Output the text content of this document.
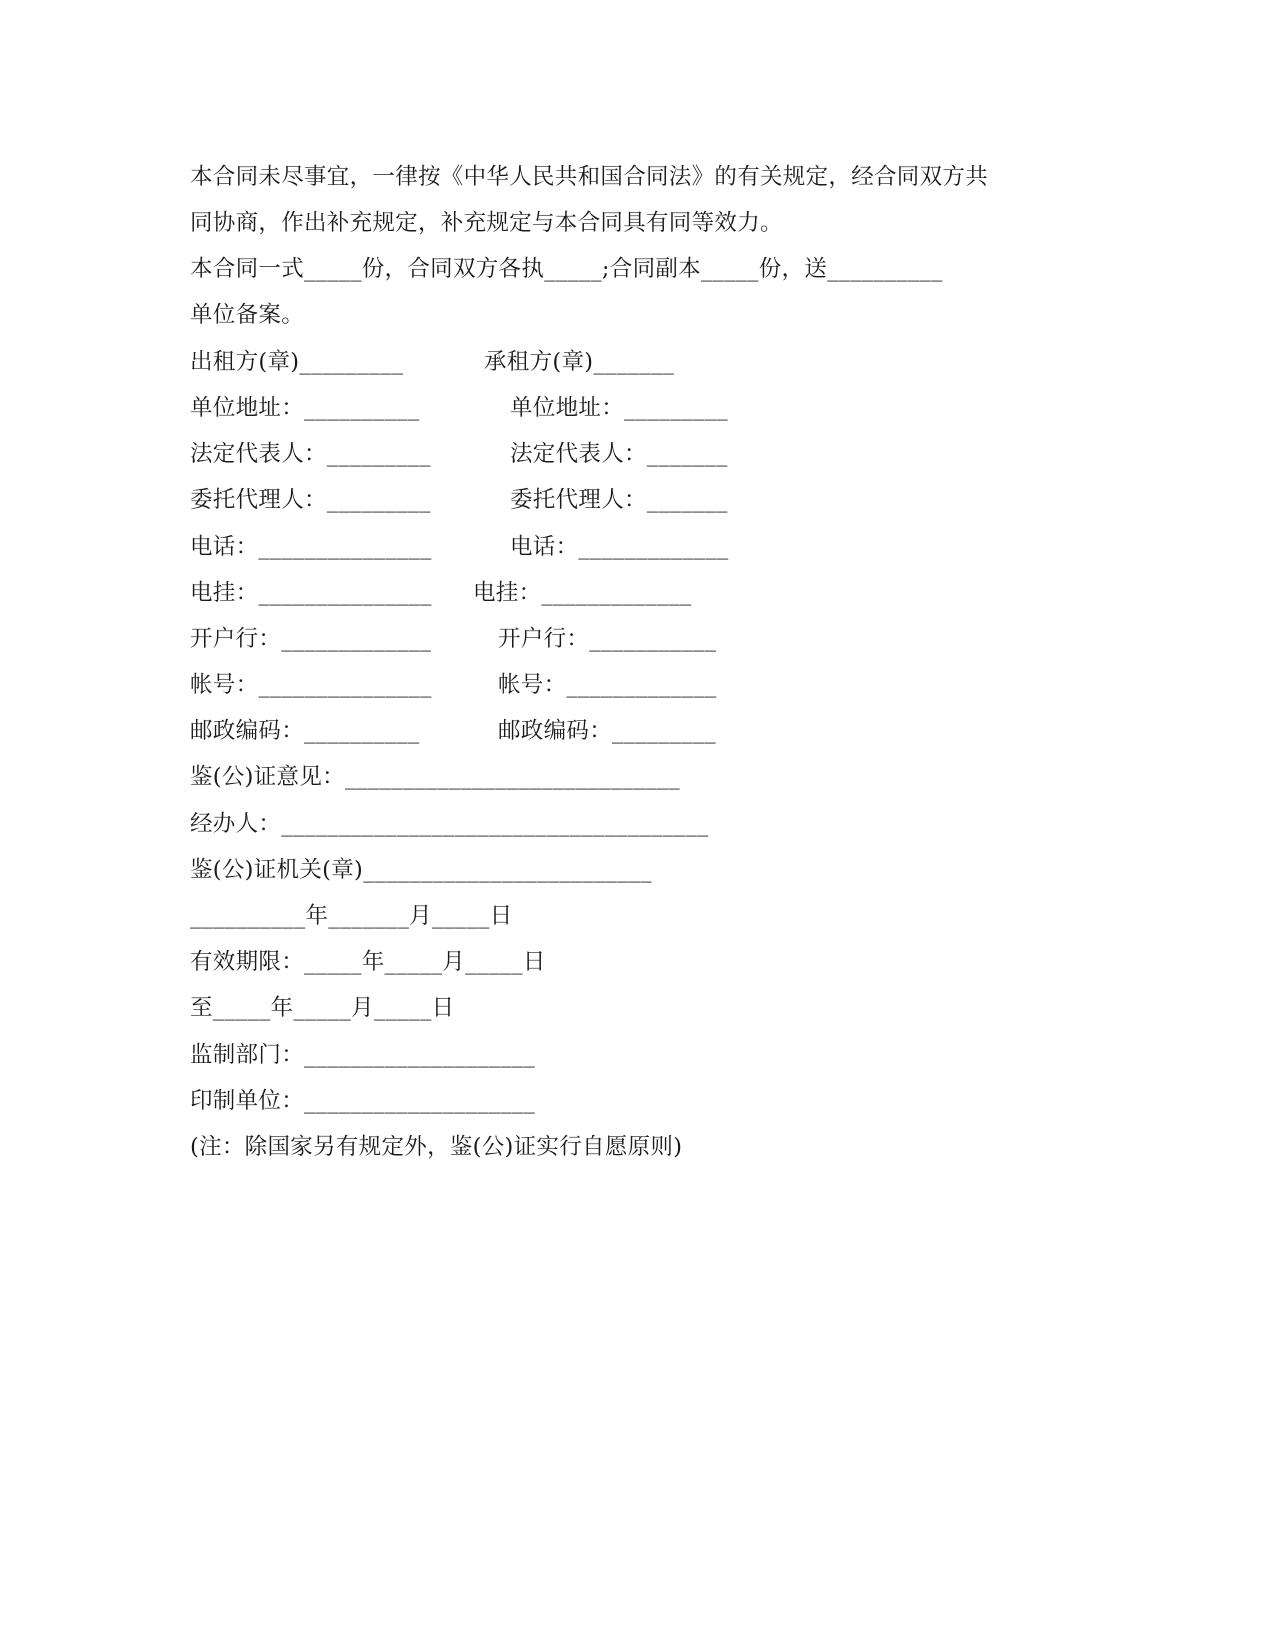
本合同未尽事宜，一律按《中华人民共和国合同法》的有关规定，经合同双方共
同协商，作出补充规定，补充规定与本合同具有同等效力。
本合同一式_____份，合同双方各执_____;合同副本_____份，送__________
单位备案。
出租方(章)_________	承租方(章)_______
单位地址：__________	单位地址：_________
法定代表人：_________	法定代表人：_______
委托代理人：_________	委托代理人：_______
电话：_______________	电话：_____________
电挂：_______________ 电挂：_____________
开户行：_____________	开户行：___________
帐号：_______________	帐号：_____________
邮政编码：__________	邮政编码：_________
鉴(公)证意见：_____________________________
经办人：_____________________________________
鉴(公)证机关(章)_________________________
__________年_______月_____日
有效期限：_____年_____月_____日
至_____年_____月_____日
监制部门：____________________
印制单位：____________________
(注：除国家另有规定外，鉴(公)证实行自愿原则)
